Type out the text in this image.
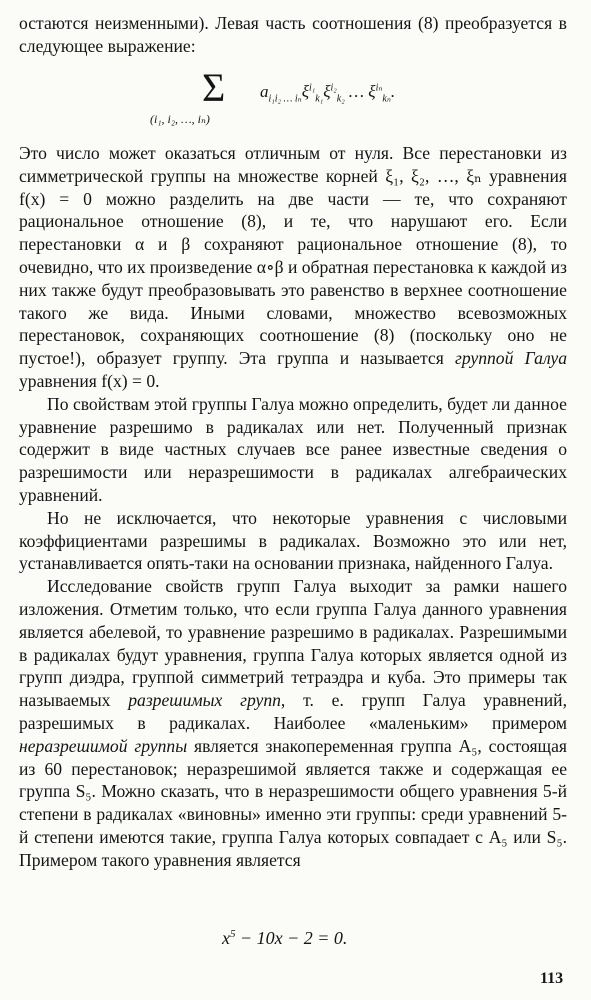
остаются неизменными). Левая часть соотношения (8) преобразуется в следующее выражение:

Σ
(i₁, i₂, …, iₙ)
$a_{i_1i_2 \dots i_n}\xi^{i_1}_{k_1}\xi^{i_2}_{k_2}$ … $\xi^{i_n}_{k_n}$.

Это число может оказаться отличным от нуля. Все перестановки из симметрической группы на множестве корней ξ₁, ξ₂, …, ξₙ уравнения f(x) = 0 можно разделить на две части — те, что сохраняют рациональное отношение (8), и те, что нарушают его. Если перестановки α и β сохраняют рациональное отношение (8), то очевидно, что их произведение α∘β и обратная перестановка к каждой из них также будут преобразовывать это равенство в верхнее соотношение такого же вида. Иными словами, множество всевозможных перестановок, сохраняющих соотношение (8) (поскольку оно не пустое!), образует группу. Эта группа и называется группой Галуа уравнения f(x) = 0.

По свойствам этой группы Галуа можно определить, будет ли данное уравнение разрешимо в радикалах или нет. Полученный признак содержит в виде частных случаев все ранее известные сведения о разрешимости или неразрешимости в радикалах алгебраических уравнений.

Но не исключается, что некоторые уравнения с числовыми коэффициентами разрешимы в радикалах. Возможно это или нет, устанавливается опять-таки на основании признака, найденного Галуа.

Исследование свойств групп Галуа выходит за рамки нашего изложения. Отметим только, что если группа Галуа данного уравнения является абелевой, то уравнение разрешимо в радикалах. Разрешимыми в радикалах будут уравнения, группа Галуа которых является одной из групп диэдра, группой симметрий тетраэдра и куба. Это примеры так называемых разрешимых групп, т. е. групп Галуа уравнений, разрешимых в радикалах. Наиболее «маленьким» примером неразрешимой группы является знакопеременная группа A₅, состоящая из 60 перестановок; неразрешимой является также и содержащая ее группа S₅. Можно сказать, что в неразрешимости общего уравнения 5-й степени в радикалах «виновны» именно эти группы: среди уравнений 5-й степени имеются такие, группа Галуа которых совпадает с A₅ или S₅. Примером такого уравнения является

$x^5 - 10x - 2 = 0$.
113
